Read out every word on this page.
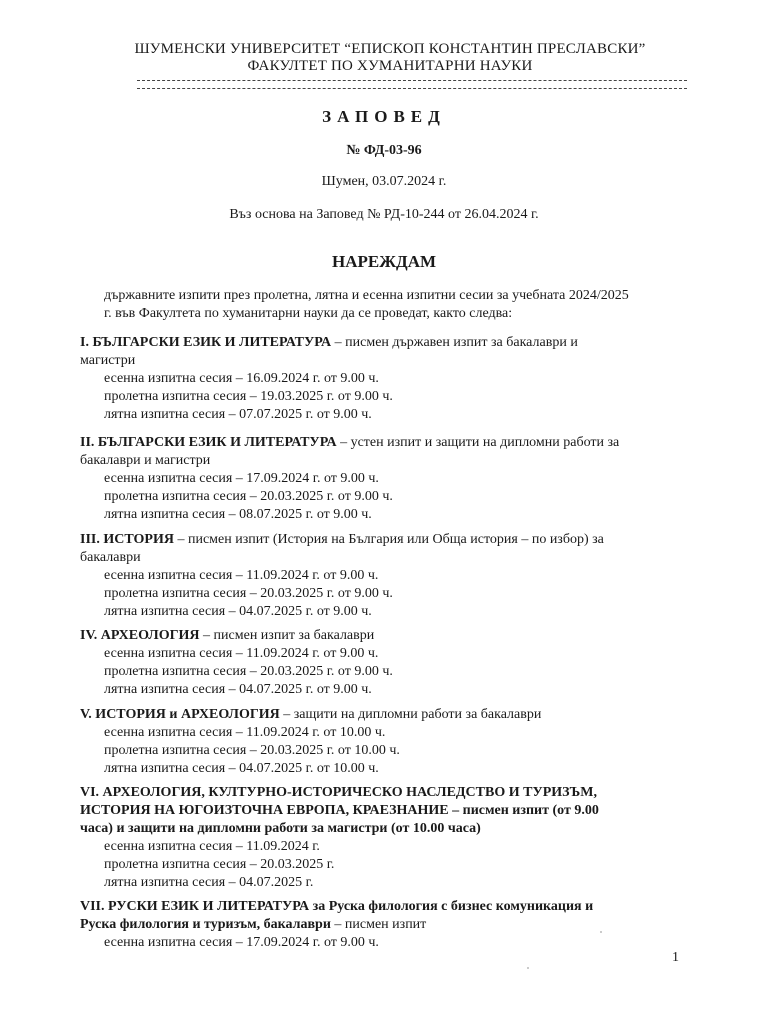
ШУМЕНСКИ УНИВЕРСИТЕТ “ЕПИСКОП КОНСТАНТИН ПРЕСЛАВСКИ”
ФАКУЛТЕТ ПО ХУМАНИТАРНИ НАУКИ
ЗАПОВЕД
№ ФД-03-96
Шумен, 03.07.2024 г.
Въз основа на Заповед № РД-10-244 от 26.04.2024 г.
НАРЕЖДАМ
държавните изпити през пролетна, лятна и есенна изпитни сесии за учебната 2024/2025
г. във Факултета по хуманитарни науки да се проведат, както следва:

I. БЪЛГАРСКИ ЕЗИК И ЛИТЕРАТУРА – писмен държавен изпит за бакалаври и

магистри

есенна изпитна сесия – 16.09.2024 г. от 9.00 ч.

пролетна изпитна сесия – 19.03.2025 г. от 9.00 ч.

лятна изпитна сесия – 07.07.2025 г. от 9.00 ч.

II. БЪЛГАРСКИ ЕЗИК И ЛИТЕРАТУРА – устен изпит и защити на дипломни работи за

бакалаври и магистри

есенна изпитна сесия – 17.09.2024 г. от 9.00 ч.

пролетна изпитна сесия – 20.03.2025 г. от 9.00 ч.

лятна изпитна сесия – 08.07.2025 г. от 9.00 ч.

III. ИСТОРИЯ – писмен изпит (История на България или Обща история – по избор) за

бакалаври

есенна изпитна сесия – 11.09.2024 г. от 9.00 ч.

пролетна изпитна сесия – 20.03.2025 г. от 9.00 ч.

лятна изпитна сесия – 04.07.2025 г. от 9.00 ч.

IV. АРХЕОЛОГИЯ – писмен изпит за бакалаври

есенна изпитна сесия – 11.09.2024 г. от 9.00 ч.

пролетна изпитна сесия – 20.03.2025 г. от 9.00 ч.

лятна изпитна сесия – 04.07.2025 г. от 9.00 ч.

V. ИСТОРИЯ и АРХЕОЛОГИЯ – защити на дипломни работи за бакалаври

есенна изпитна сесия – 11.09.2024 г. от 10.00 ч.

пролетна изпитна сесия – 20.03.2025 г. от 10.00 ч.

лятна изпитна сесия – 04.07.2025 г. от 10.00 ч.

VI. АРХЕОЛОГИЯ, КУЛТУРНО-ИСТОРИЧЕСКО НАСЛЕДСТВО И ТУРИЗЪМ,

ИСТОРИЯ НА ЮГОИЗТОЧНА ЕВРОПА, КРАЕЗНАНИЕ – писмен изпит (от 9.00

часа) и защити на дипломни работи за магистри (от 10.00 часа)

есенна изпитна сесия – 11.09.2024 г.

пролетна изпитна сесия – 20.03.2025 г.

лятна изпитна сесия – 04.07.2025 г.

VII. РУСКИ ЕЗИК И ЛИТЕРАТУРА за Руска филология с бизнес комуникация и

Руска филология и туризъм, бакалаври – писмен изпит

есенна изпитна сесия – 17.09.2024 г. от 9.00 ч.

1
